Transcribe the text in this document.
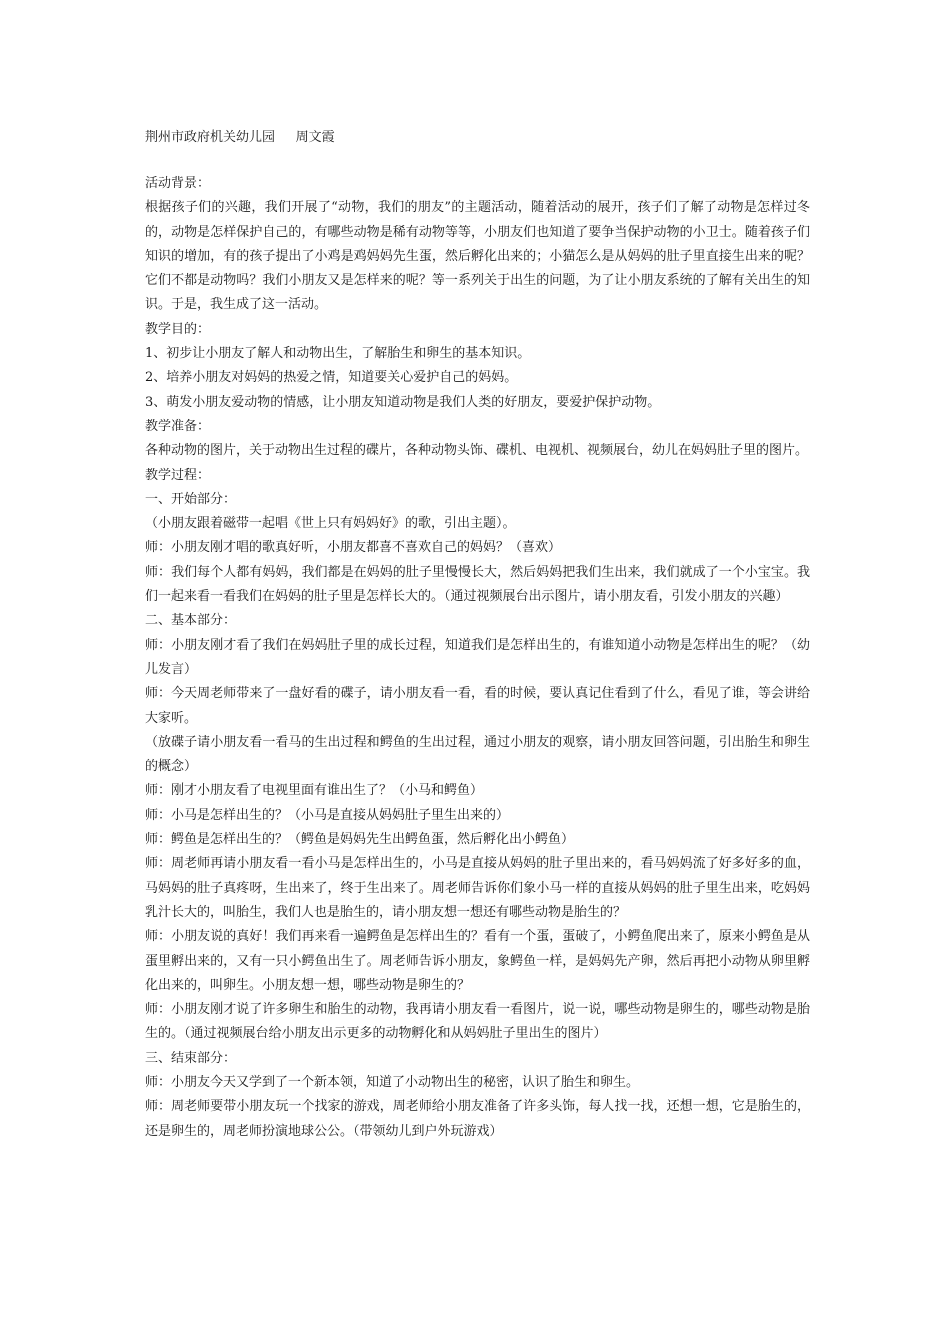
荆州市政府机关幼儿园     周文霞

活动背景：

根据孩子们的兴趣，我们开展了“动物，我们的朋友”的主题活动，随着活动的展开，孩子们了解了动物是怎样过冬的，动物是怎样保护自己的，有哪些动物是稀有动物等等，小朋友们也知道了要争当保护动物的小卫士。随着孩子们知识的增加，有的孩子提出了小鸡是鸡妈妈先生蛋，然后孵化出来的；小猫怎么是从妈妈的肚子里直接生出来的呢？它们不都是动物吗？我们小朋友又是怎样来的呢？等一系列关于出生的问题，为了让小朋友系统的了解有关出生的知识。于是，我生成了这一活动。

教学目的：

1、初步让小朋友了解人和动物出生，了解胎生和卵生的基本知识。

2、培养小朋友对妈妈的热爱之情，知道要关心爱护自己的妈妈。

3、萌发小朋友爱动物的情感，让小朋友知道动物是我们人类的好朋友，要爱护保护动物。

教学准备：

各种动物的图片，关于动物出生过程的碟片，各种动物头饰、碟机、电视机、视频展台，幼儿在妈妈肚子里的图片。

教学过程：

一、开始部分：

（小朋友跟着磁带一起唱《世上只有妈妈好》的歌，引出主题）。

师：小朋友刚才唱的歌真好听，小朋友都喜不喜欢自己的妈妈？（喜欢）

师：我们每个人都有妈妈，我们都是在妈妈的肚子里慢慢长大，然后妈妈把我们生出来，我们就成了一个小宝宝。我们一起来看一看我们在妈妈的肚子里是怎样长大的。（通过视频展台出示图片，请小朋友看，引发小朋友的兴趣）

二、基本部分：

师：小朋友刚才看了我们在妈妈肚子里的成长过程，知道我们是怎样出生的，有谁知道小动物是怎样出生的呢？（幼儿发言）

师：今天周老师带来了一盘好看的碟子，请小朋友看一看，看的时候，要认真记住看到了什么，看见了谁，等会讲给大家听。

（放碟子请小朋友看一看马的生出过程和鳄鱼的生出过程，通过小朋友的观察，请小朋友回答问题，引出胎生和卵生的概念）

师：刚才小朋友看了电视里面有谁出生了？（小马和鳄鱼）

师：小马是怎样出生的？（小马是直接从妈妈肚子里生出来的）

师：鳄鱼是怎样出生的？（鳄鱼是妈妈先生出鳄鱼蛋，然后孵化出小鳄鱼）

师：周老师再请小朋友看一看小马是怎样出生的，小马是直接从妈妈的肚子里出来的，看马妈妈流了好多好多的血，马妈妈的肚子真疼呀，生出来了，终于生出来了。周老师告诉你们象小马一样的直接从妈妈的肚子里生出来，吃妈妈乳汁长大的，叫胎生，我们人也是胎生的，请小朋友想一想还有哪些动物是胎生的？

师：小朋友说的真好！我们再来看一遍鳄鱼是怎样出生的？看有一个蛋，蛋破了，小鳄鱼爬出来了，原来小鳄鱼是从蛋里孵出来的，又有一只小鳄鱼出生了。周老师告诉小朋友，象鳄鱼一样，是妈妈先产卵，然后再把小动物从卵里孵化出来的，叫卵生。小朋友想一想，哪些动物是卵生的？

师：小朋友刚才说了许多卵生和胎生的动物，我再请小朋友看一看图片，说一说，哪些动物是卵生的，哪些动物是胎生的。（通过视频展台给小朋友出示更多的动物孵化和从妈妈肚子里出生的图片）

三、结束部分：

师：小朋友今天又学到了一个新本领，知道了小动物出生的秘密，认识了胎生和卵生。

师：周老师要带小朋友玩一个找家的游戏，周老师给小朋友准备了许多头饰，每人找一找，还想一想，它是胎生的，还是卵生的，周老师扮演地球公公。（带领幼儿到户外玩游戏）
